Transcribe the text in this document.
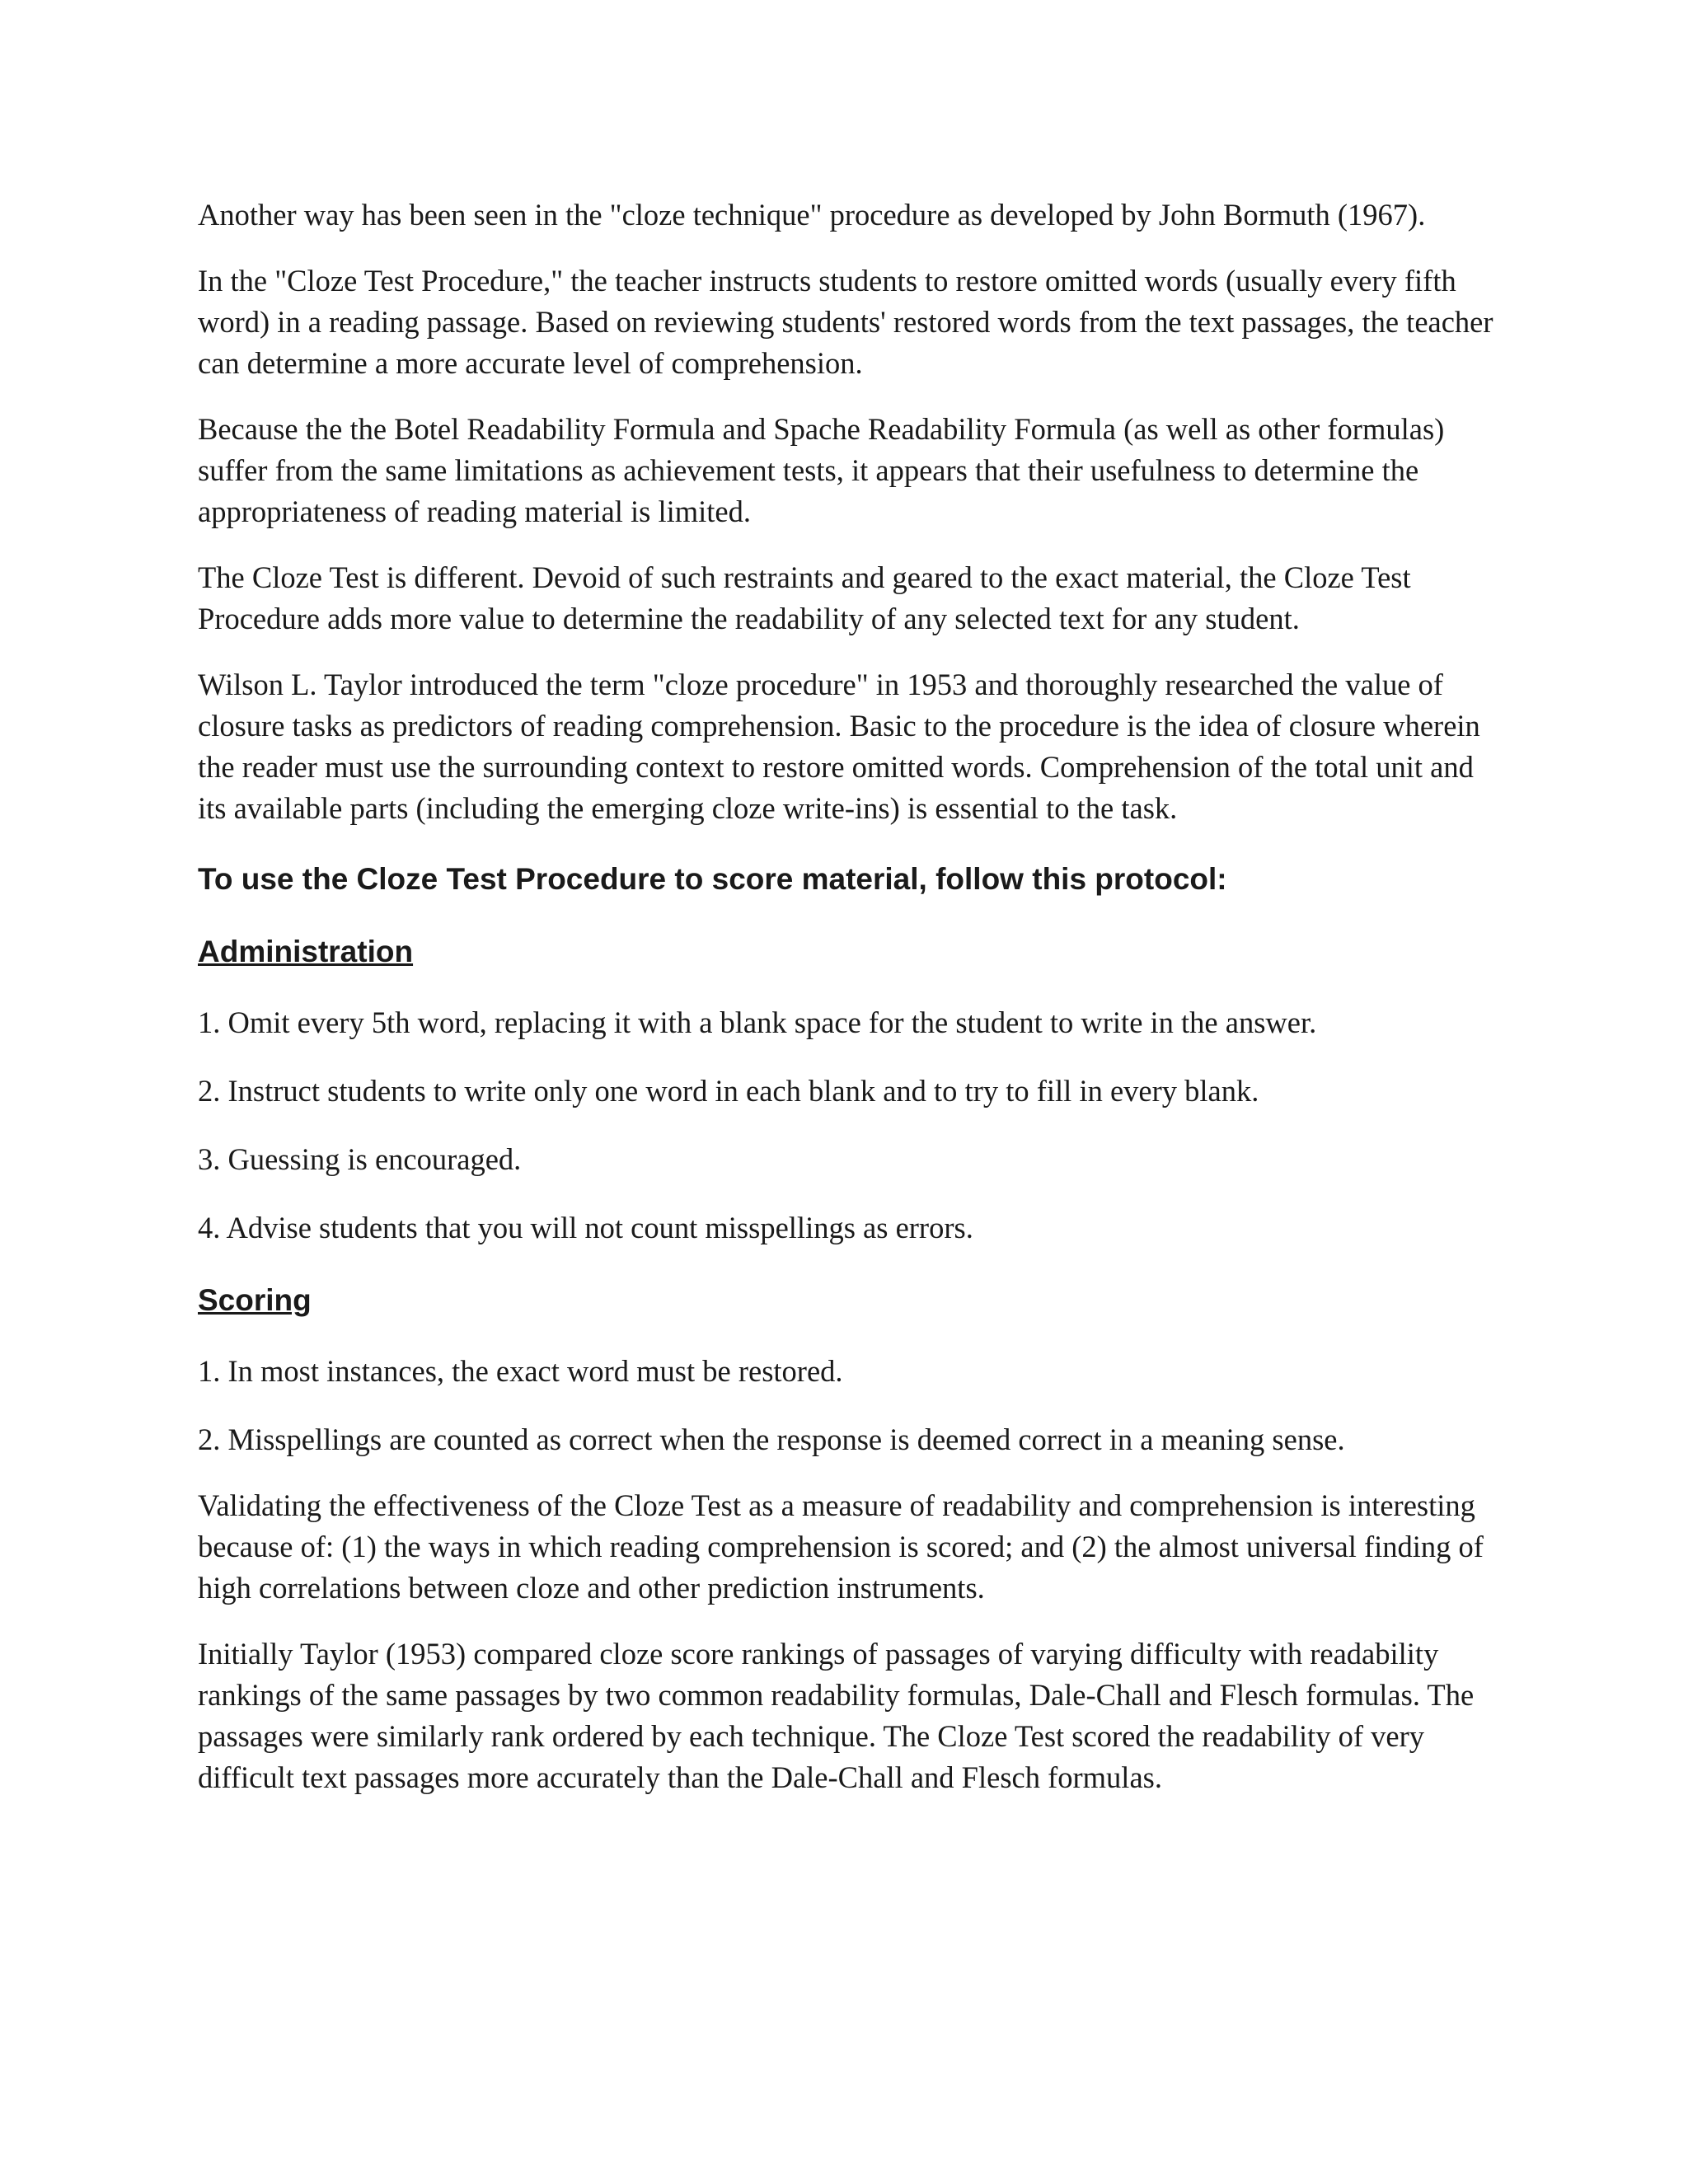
Another way has been seen in the "cloze technique" procedure as developed by John Bormuth (1967).

In the "Cloze Test Procedure," the teacher instructs students to restore omitted words (usually every fifth word) in a reading passage. Based on reviewing students' restored words from the text passages, the teacher can determine a more accurate level of comprehension.

Because the the Botel Readability Formula and Spache Readability Formula (as well as other formulas) suffer from the same limitations as achievement tests, it appears that their usefulness to determine the appropriateness of reading material is limited.

The Cloze Test is different. Devoid of such restraints and geared to the exact material, the Cloze Test Procedure adds more value to determine the readability of any selected text for any student.

Wilson L. Taylor introduced the term "cloze procedure" in 1953 and thoroughly researched the value of closure tasks as predictors of reading comprehension. Basic to the procedure is the idea of closure wherein the reader must use the surrounding context to restore omitted words. Comprehension of the total unit and its available parts (including the emerging cloze write-ins) is essential to the task.

To use the Cloze Test Procedure to score material, follow this protocol:
Administration

1. Omit every 5th word, replacing it with a blank space for the student to write in the answer.

2. Instruct students to write only one word in each blank and to try to fill in every blank.

3. Guessing is encouraged.

4. Advise students that you will not count misspellings as errors.

Scoring

1. In most instances, the exact word must be restored.

2. Misspellings are counted as correct when the response is deemed correct in a meaning sense.

Validating the effectiveness of the Cloze Test as a measure of readability and comprehension is interesting because of: (1) the ways in which reading comprehension is scored; and (2) the almost universal finding of high correlations between cloze and other prediction instruments.

Initially Taylor (1953) compared cloze score rankings of passages of varying difficulty with readability rankings of the same passages by two common readability formulas, Dale-Chall and Flesch formulas. The passages were similarly rank ordered by each technique. The Cloze Test scored the readability of very difficult text passages more accurately than the Dale-Chall and Flesch formulas.
